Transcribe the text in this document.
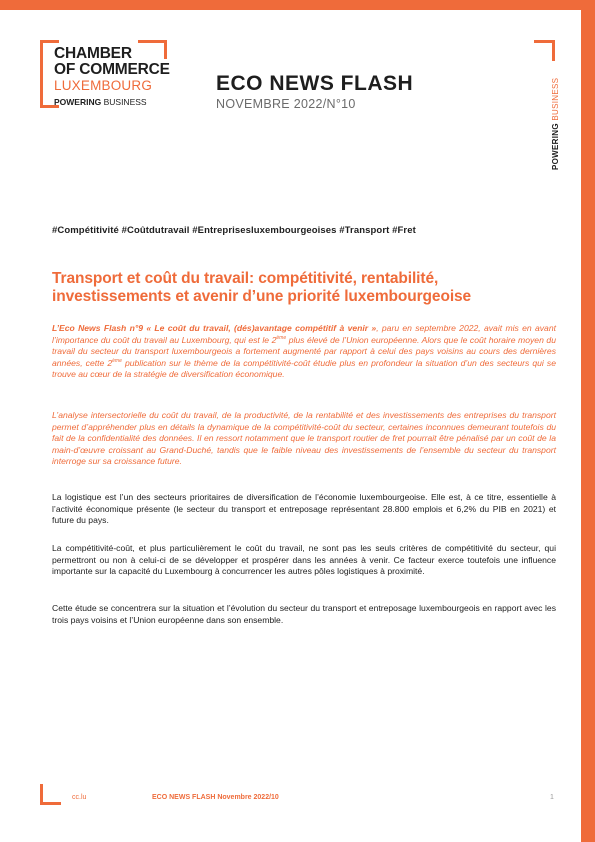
CHAMBER
OF COMMERCE
LUXEMBOURG
POWERING BUSINESS
ECO NEWS FLASH
NOVEMBRE 2022/N°10
POWERING BUSINESS
#Compétitivité #Coûtdutravail #Entreprisesluxembourgeoises #Transport #Fret
Transport et coût du travail: compétitivité, rentabilité, investissements et avenir d’une priorité luxembourgeoise
L’Eco News Flash n°9 « Le coût du travail, (dés)avantage compétitif à venir », paru en septembre 2022, avait mis en avant l’importance du coût du travail au Luxembourg, qui est le 2ème plus élevé de l’Union européenne. Alors que le coût horaire moyen du travail du secteur du transport luxembourgeois a fortement augmenté par rapport à celui des pays voisins au cours des dernières années, cette 2ème publication sur le thème de la compétitivité-coût étudie plus en profondeur la situation d’un des secteurs qui se trouve au cœur de la stratégie de diversification économique.
L’analyse intersectorielle du coût du travail, de la productivité, de la rentabilité et des investissements des entreprises du transport permet d’appréhender plus en détails la dynamique de la compétitivité-coût du secteur, certaines inconnues demeurant toutefois du fait de la confidentialité des données. Il en ressort notamment que le transport routier de fret pourrait être pénalisé par un coût de la main-d’œuvre croissant au Grand-Duché, tandis que le faible niveau des investissements de l’ensemble du secteur du transport interroge sur sa croissance future.
La logistique est l’un des secteurs prioritaires de diversification de l’économie luxembourgeoise. Elle est, à ce titre, essentielle à l’activité économique présente (le secteur du transport et entreposage représentant 28.800 emplois et 6,2% du PIB en 2021) et future du pays.
La compétitivité-coût, et plus particulièrement le coût du travail, ne sont pas les seuls critères de compétitivité du secteur, qui permettront ou non à celui-ci de se développer et prospérer dans les années à venir. Ce facteur exerce toutefois une influence importante sur la capacité du Luxembourg à concurrencer les autres pôles logistiques à proximité.
Cette étude se concentrera sur la situation et l’évolution du secteur du transport et entreposage luxembourgeois en rapport avec les trois pays voisins et l’Union européenne dans son ensemble.
cc.lu	ECO NEWS FLASH Novembre 2022/10	1
